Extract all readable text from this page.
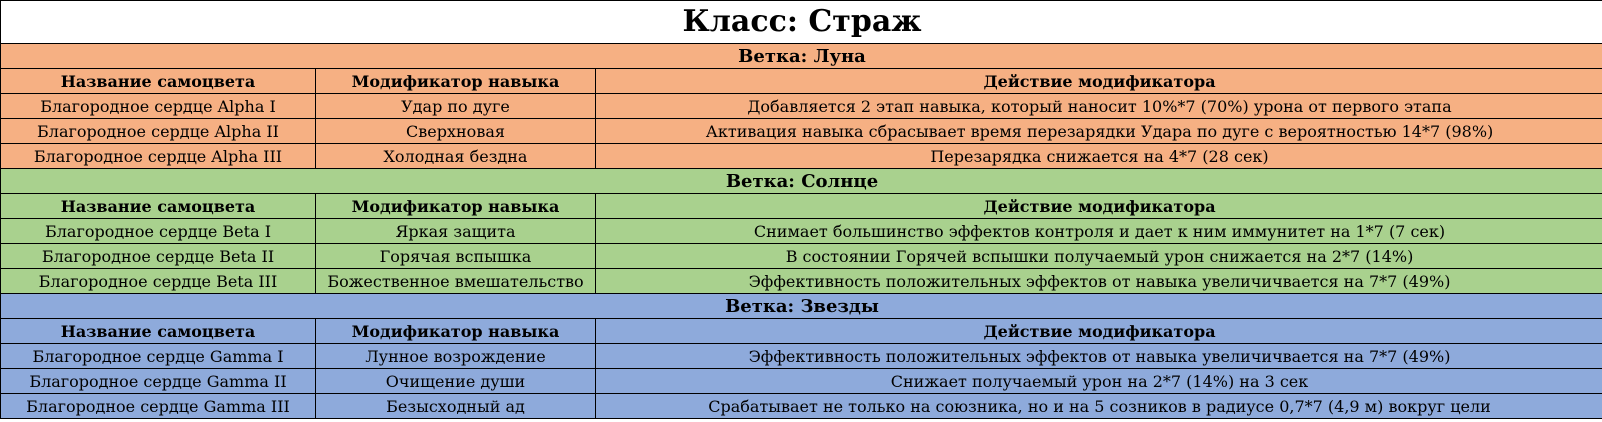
Класс: Страж		
Ветка: Луна		
Название самоцвета	Модификатор навыка	Действие модификатора
Благородное сердце Alpha I	Удар по дуге	Добавляется 2 этап навыка, который наносит 10%*7 (70%) урона от первого этапа
Благородное сердце Alpha II	Сверхновая	Активация навыка сбрасывает время перезарядки Удара по дуге с вероятностью 14*7 (98%)
Благородное сердце Alpha III	Холодная бездна	Перезарядка снижается на 4*7 (28 сек)
Ветка: Солнце		
Название самоцвета	Модификатор навыка	Действие модификатора
Благородное сердце Beta I	Яркая защита	Снимает большинство эффектов контроля и дает к ним иммунитет на 1*7 (7 сек)
Благородное сердце Beta II	Горячая вспышка	В состоянии Горячей вспышки получаемый урон снижается на 2*7 (14%)
Благородное сердце Beta III	Божественное вмешательство	Эффективность положительных эффектов от навыка увеличичвается на 7*7 (49%)
Ветка: Звезды		
Название самоцвета	Модификатор навыка	Действие модификатора
Благородное сердце Gamma I	Лунное возрождение	Эффективность положительных эффектов от навыка увеличичвается на 7*7 (49%)
Благородное сердце Gamma II	Очищение души	Снижает получаемый урон на 2*7 (14%) на 3 сек
Благородное сердце Gamma III	Безысходный ад	Срабатывает не только на союзника, но и на 5 созников в радиусе 0,7*7 (4,9 м) вокруг цели
